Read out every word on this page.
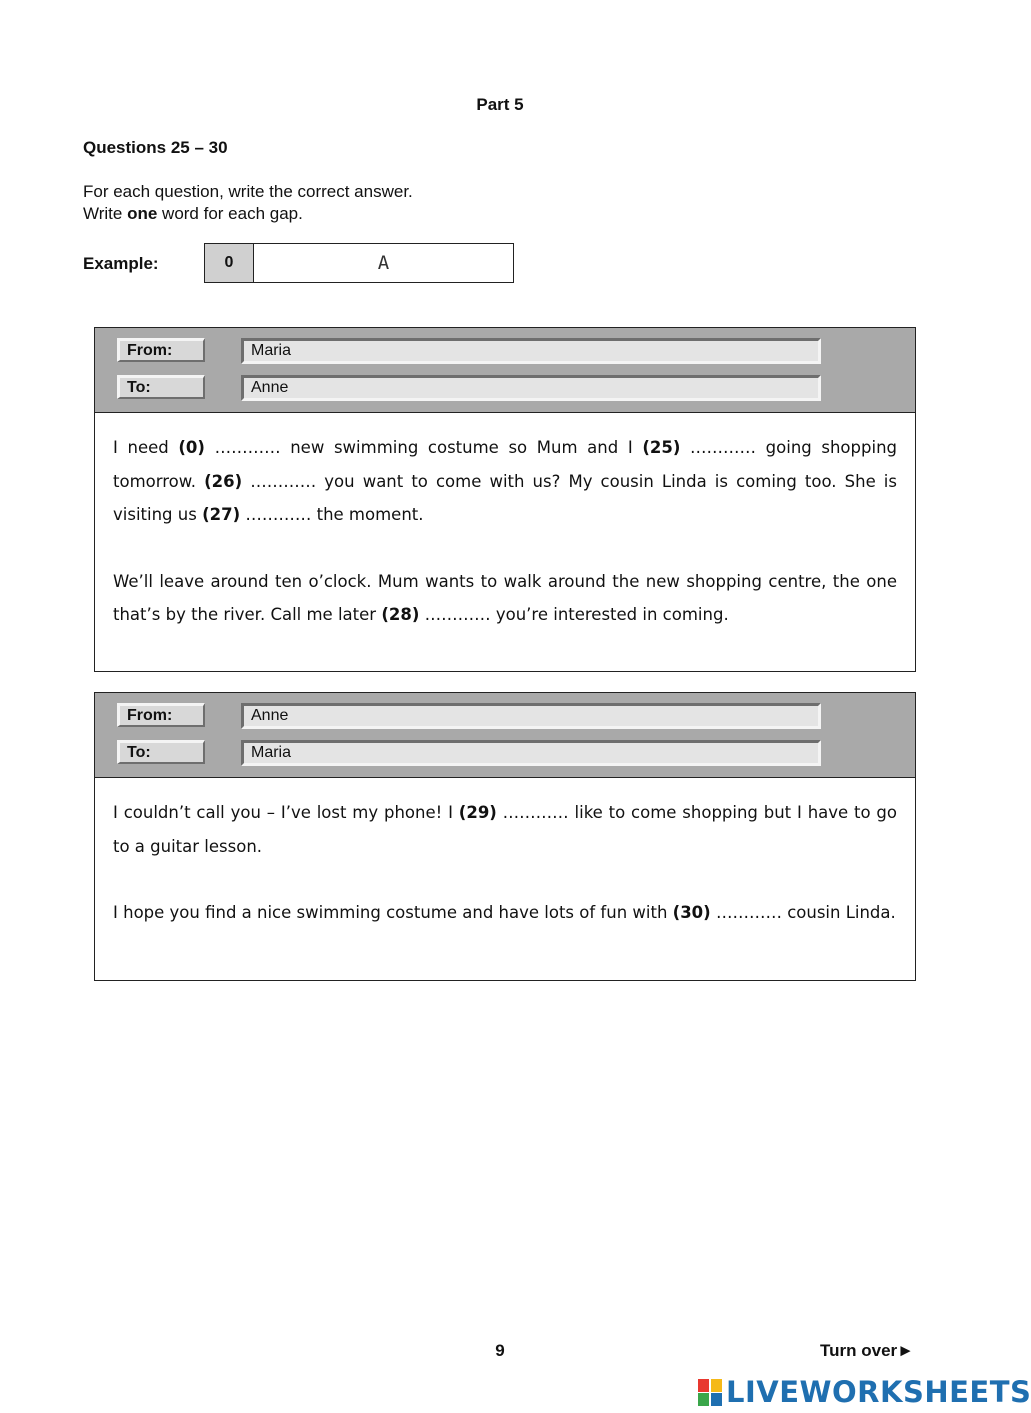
Part 5
Questions 25 – 30
For each question, write the correct answer.
Write one word for each gap.
Example:	0	A
From:	Maria
To:	Anne

I need (0) ………… new swimming costume so Mum and I (25) ………… going shopping tomorrow. (26) ………… you want to come with us? My cousin Linda is coming too. She is visiting us (27) ………… the moment.

We’ll leave around ten o’clock. Mum wants to walk around the new shopping centre, the one that’s by the river. Call me later (28) ………… you’re interested in coming.

From:	Anne
To:	Maria

I couldn’t call you – I’ve lost my phone! I (29) ………… like to come shopping but I have to go to a guitar lesson.

I hope you find a nice swimming costume and have lots of fun with (30) ………… cousin Linda.

9	Turn over►
LIVEWORKSHEETS
